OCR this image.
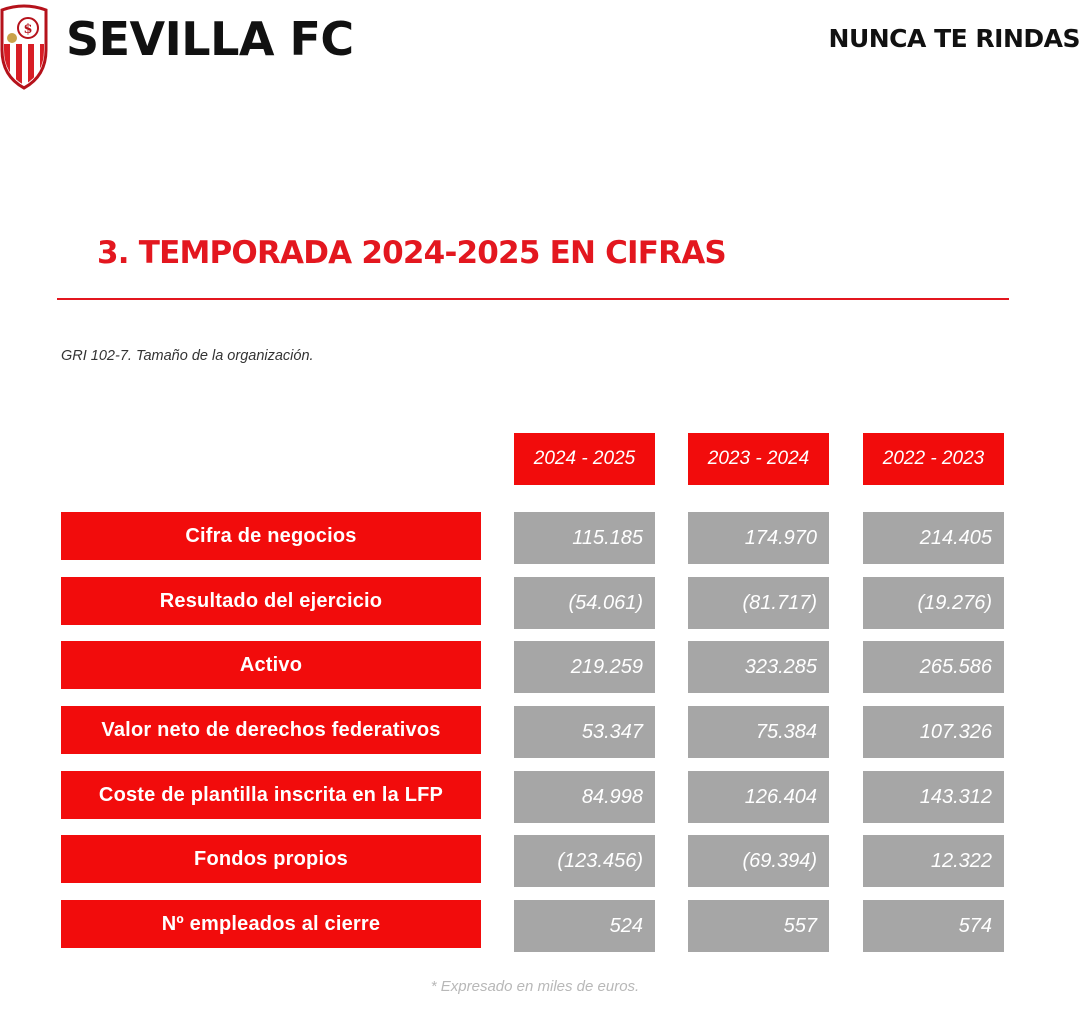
$ SEVILLA FC	NUNCA TE RINDAS
3. TEMPORADA 2024-2025 EN CIFRAS
GRI 102-7. Tamaño de la organización.
2024 - 2025	2023 - 2024	2022 - 2023
Cifra de negocios	115.185	174.970	214.405
Resultado del ejercicio	(54.061)	(81.717)	(19.276)
Activo	219.259	323.285	265.586
Valor neto de derechos federativos	53.347	75.384	107.326
Coste de plantilla inscrita en la LFP	84.998	126.404	143.312
Fondos propios	(123.456)	(69.394)	12.322
Nº empleados al cierre	524	557	574
* Expresado en miles de euros.
